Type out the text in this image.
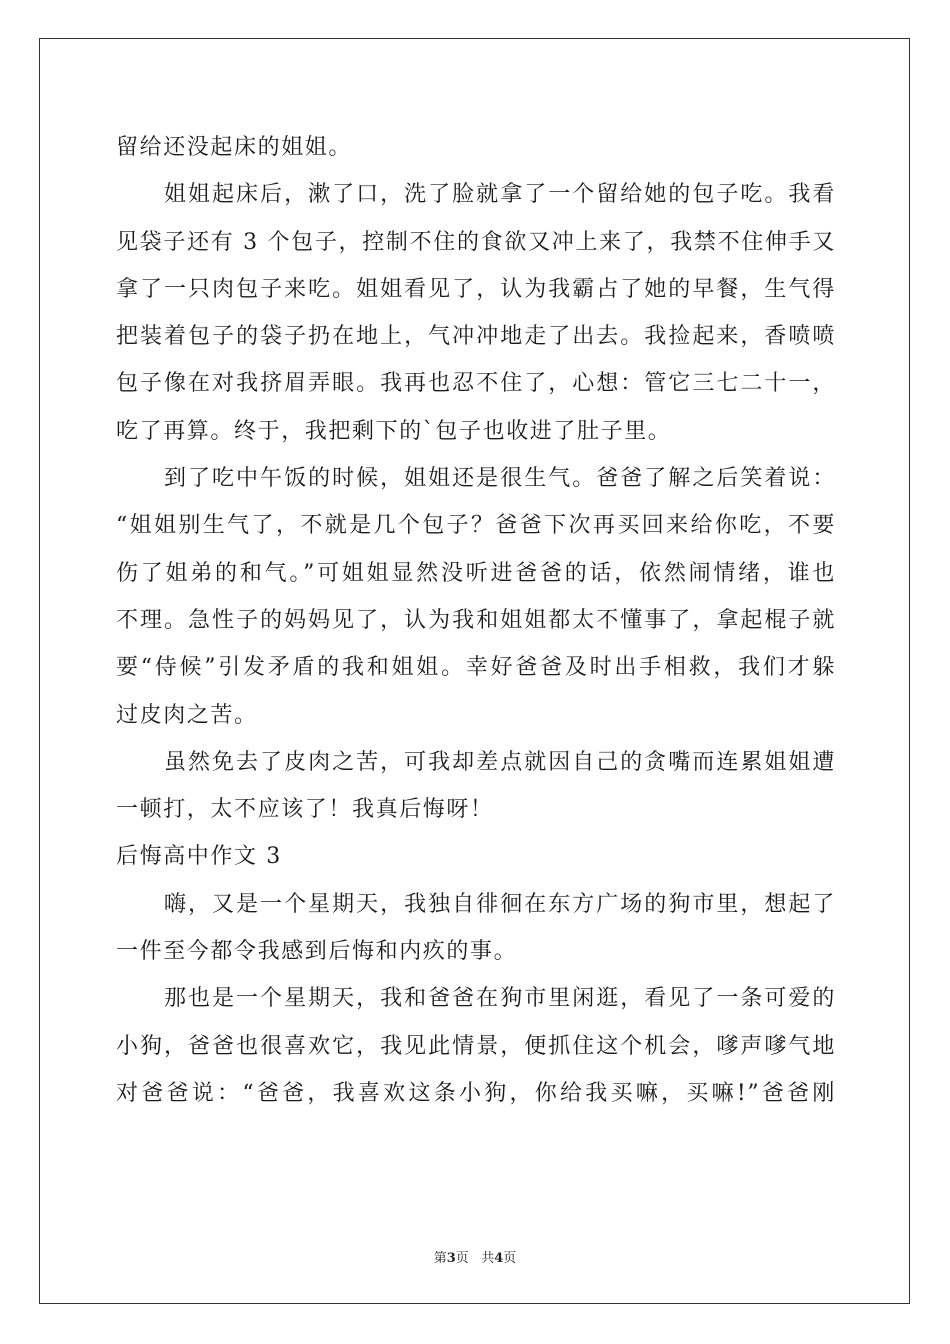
留给还没起床的姐姐。
姐姐起床后，漱了口，洗了脸就拿了一个留给她的包子吃。我看
见袋子还有 3 个包子，控制不住的食欲又冲上来了，我禁不住伸手又
拿了一只肉包子来吃。姐姐看见了，认为我霸占了她的早餐，生气得
把装着包子的袋子扔在地上，气冲冲地走了出去。我捡起来，香喷喷
包子像在对我挤眉弄眼。我再也忍不住了，心想：管它三七二十一，
吃了再算。终于，我把剩下的`包子也收进了肚子里。
到了吃中午饭的时候，姐姐还是很生气。爸爸了解之后笑着说：
“姐姐别生气了，不就是几个包子？爸爸下次再买回来给你吃，不要
伤了姐弟的和气。”可姐姐显然没听进爸爸的话，依然闹情绪，谁也
不理。急性子的妈妈见了，认为我和姐姐都太不懂事了，拿起棍子就
要“侍候”引发矛盾的我和姐姐。幸好爸爸及时出手相救，我们才躲
过皮肉之苦。
虽然免去了皮肉之苦，可我却差点就因自己的贪嘴而连累姐姐遭
一顿打，太不应该了！我真后悔呀！
后悔高中作文 3
嗨，又是一个星期天，我独自徘徊在东方广场的狗市里，想起了
一件至今都令我感到后悔和内疚的事。
那也是一个星期天，我和爸爸在狗市里闲逛，看见了一条可爱的
小狗，爸爸也很喜欢它，我见此情景，便抓住这个机会，嗲声嗲气地
对爸爸说：“爸爸，我喜欢这条小狗，你给我买嘛，买嘛!”爸爸刚
第3页 共4页
